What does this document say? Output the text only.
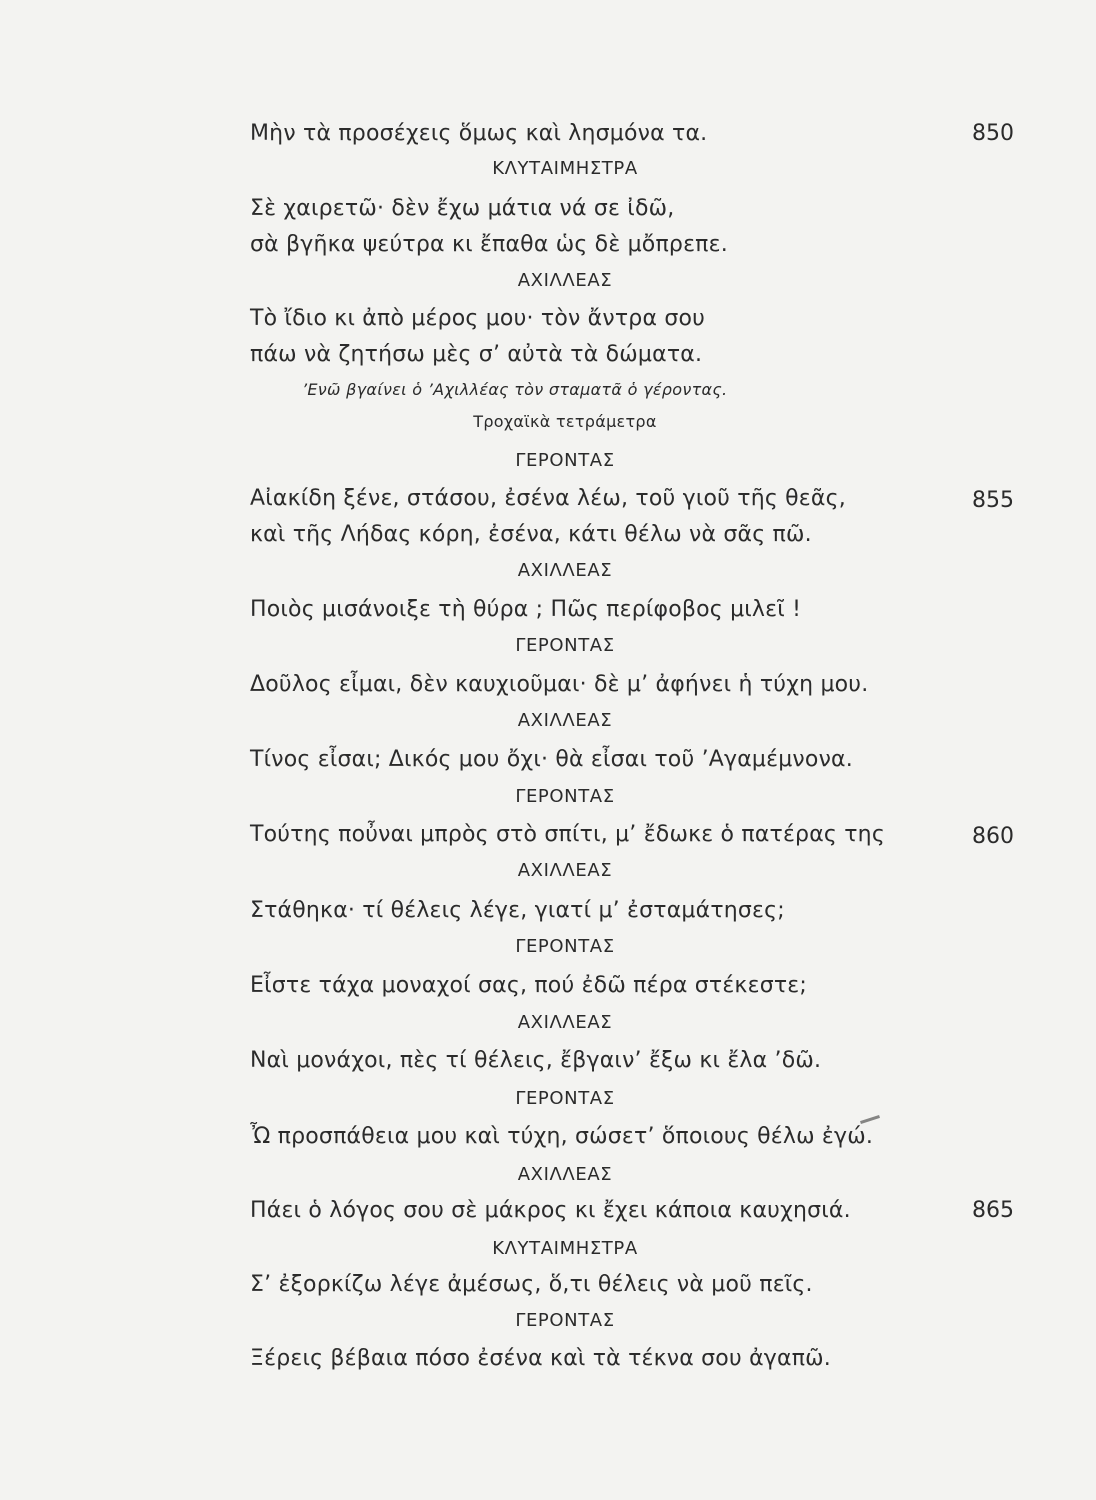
Μὴν τὰ προσέχεις ὅμως καὶ λησμόνα τα.	850
ΚΛΥΤΑΙΜΗΣΤΡΑ
Σὲ χαιρετῶ· δὲν ἔχω μάτια νά σε ἰδῶ,
σὰ βγῆκα ψεύτρα κι ἔπαθα ὡς δὲ μὄπρεπε.
ΑΧΙΛΛΕΑΣ
Τὸ ἴδιο κι ἀπὸ μέρος μου· τὸν ἄντρα σου
πάω νὰ ζητήσω μὲς σ’ αὐτὰ τὰ δώματα.
’Ενῶ βγαίνει ὁ ’Αχιλλέας τὸν σταματᾶ ὁ γέροντας.
Τροχαϊκὰ τετράμετρα
ΓΕΡΟΝΤΑΣ
Αἰακίδη ξένε, στάσου, ἐσένα λέω, τοῦ γιοῦ τῆς θεᾶς,	855
καὶ τῆς Λήδας κόρη, ἐσένα, κάτι θέλω νὰ σᾶς πῶ.
ΑΧΙΛΛΕΑΣ
Ποιὸς μισάνοιξε τὴ θύρα ; Πῶς περίφοβος μιλεῖ !
ΓΕΡΟΝΤΑΣ
Δοῦλος εἶμαι, δὲν καυχιοῦμαι· δὲ μ’ ἀφήνει ἡ τύχη μου.
ΑΧΙΛΛΕΑΣ
Τίνος εἶσαι; Δικός μου ὄχι· θὰ εἶσαι τοῦ ’Αγαμέμνονα.
ΓΕΡΟΝΤΑΣ
Τούτης ποὖναι μπρὸς στὸ σπίτι, μ’ ἔδωκε ὁ πατέρας της	860
ΑΧΙΛΛΕΑΣ
Στάθηκα· τί θέλεις λέγε, γιατί μ’ ἐσταμάτησες;
ΓΕΡΟΝΤΑΣ
Εἶστε τάχα μοναχοί σας, πού ἐδῶ πέρα στέκεστε;
ΑΧΙΛΛΕΑΣ
Ναὶ μονάχοι, πὲς τί θέλεις, ἔβγαιν’ ἔξω κι ἔλα ’δῶ.
ΓΕΡΟΝΤΑΣ
Ὦ προσπάθεια μου καὶ τύχη, σώσετ’ ὅποιους θέλω ἐγώ.
ΑΧΙΛΛΕΑΣ
Πάει ὁ λόγος σου σὲ μάκρος κι ἔχει κάποια καυχησιά.	865
ΚΛΥΤΑΙΜΗΣΤΡΑ
Σ’ ἐξορκίζω λέγε ἀμέσως, ὅ,τι θέλεις νὰ μοῦ πεῖς.
ΓΕΡΟΝΤΑΣ
Ξέρεις βέβαια πόσο ἐσένα καὶ τὰ τέκνα σου ἀγαπῶ.
